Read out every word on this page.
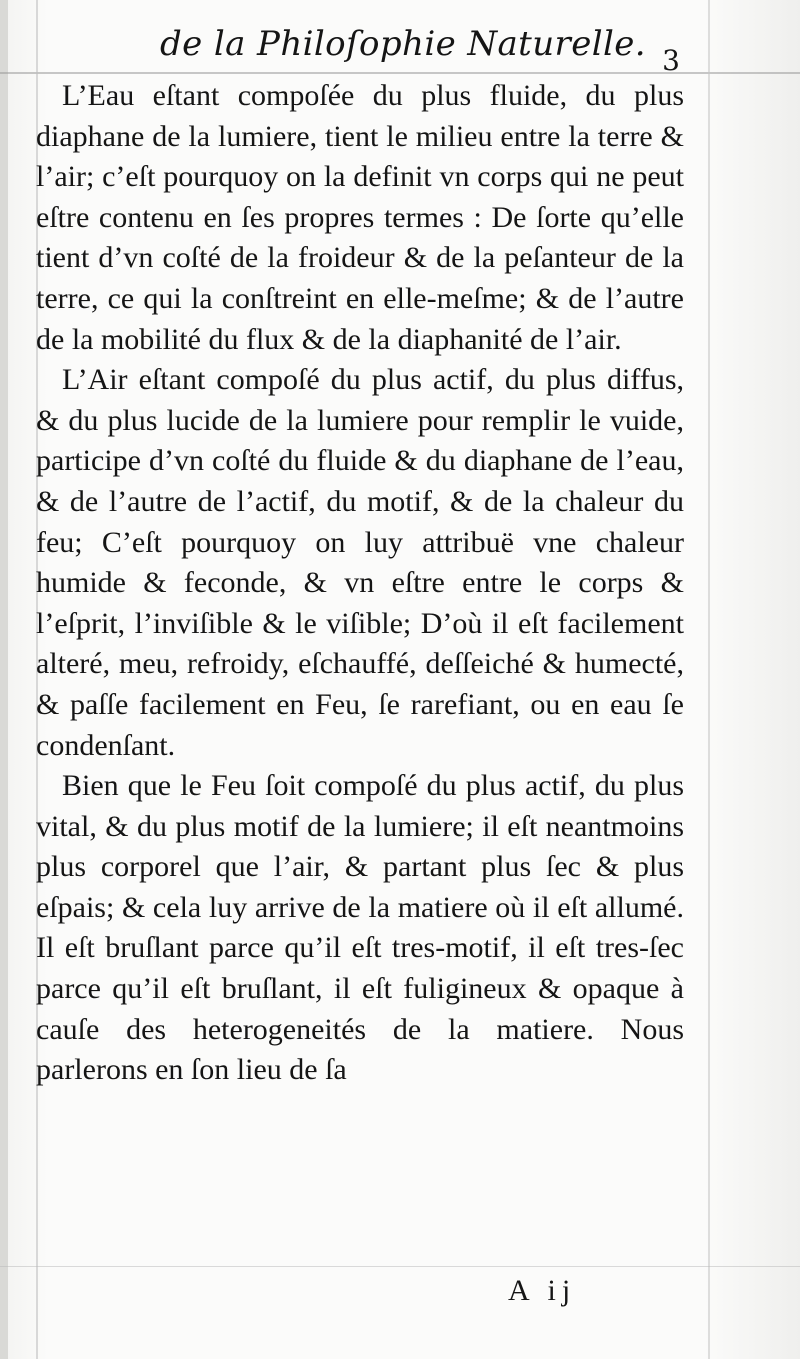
de la Philoſophie Naturelle. 3

L’Eau eſtant compoſée du plus fluide, du plus diaphane de la lumiere, tient le milieu entre la terre & l’air; c’eſt pourquoy on la definit vn corps qui ne peut eſtre contenu en ſes propres termes : De ſorte qu’elle tient d’vn coſté de la froideur & de la peſanteur de la terre, ce qui la conſtreint en elle-meſme; & de l’autre de la mobilité du flux & de la diaphanité de l’air.

L’Air eſtant compoſé du plus actif, du plus diffus, & du plus lucide de la lumiere pour remplir le vuide, participe d’vn coſté du fluide & du diaphane de l’eau, & de l’autre de l’actif, du motif, & de la chaleur du feu; C’eſt pourquoy on luy attribuë vne chaleur humide & feconde, & vn eſtre entre le corps & l’eſprit, l’inviſible & le viſible; D’où il eſt facilement alteré, meu, refroidy, eſchauffé, deſſeiché & humecté, & paſſe facilement en Feu, ſe rarefiant, ou en eau ſe condenſant.

Bien que le Feu ſoit compoſé du plus actif, du plus vital, & du plus motif de la lumiere; il eſt neantmoins plus corporel que l’air, & partant plus ſec & plus eſpais; & cela luy arrive de la matiere où il eſt allumé. Il eſt bruſlant parce qu’il eſt tres-motif, il eſt tres-ſec parce qu’il eſt bruſlant, il eſt fuligineux & opaque à cauſe des heterogeneités de la matiere. Nous parlerons en ſon lieu de ſa

A ij
